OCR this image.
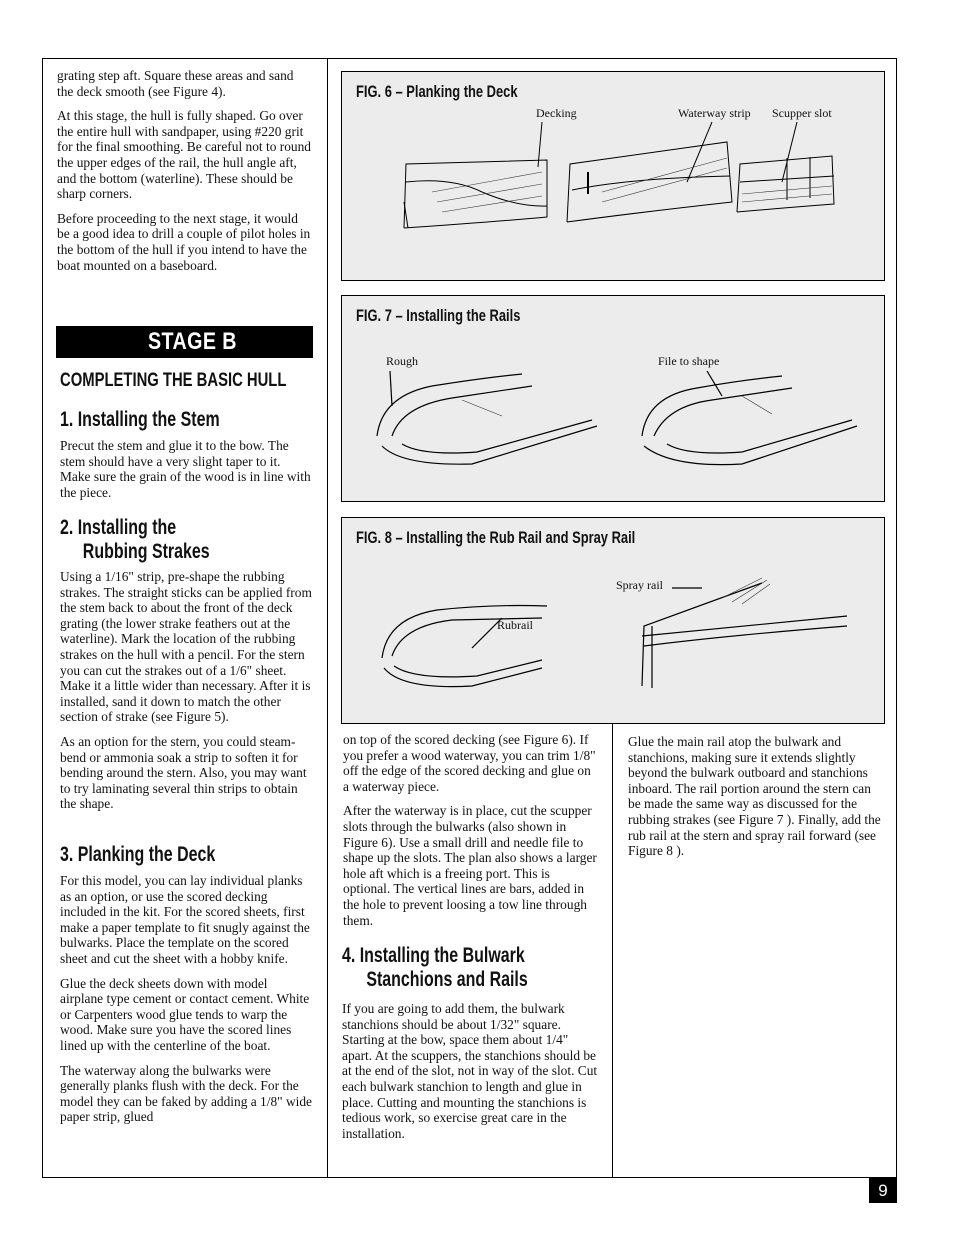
grating step aft. Square these areas and sand the deck smooth (see Figure 4).

At this stage, the hull is fully shaped. Go over the entire hull with sandpaper, using #220 grit for the final smoothing. Be careful not to round the upper edges of the rail, the hull angle aft, and the bottom (waterline). These should be sharp corners.

Before proceeding to the next stage, it would be a good idea to drill a couple of pilot holes in the bottom of the hull if you intend to have the boat mounted on a baseboard.

STAGE B
COMPLETING THE BASIC HULL
1. Installing the Stem

Precut the stem and glue it to the bow. The stem should have a very slight taper to it. Make sure the grain of the wood is in line with the piece.

2. Installing the
Rubbing Strakes

Using a 1/16" strip, pre-shape the rubbing strakes. The straight sticks can be applied from the stem back to about the front of the deck grating (the lower strake feathers out at the waterline). Mark the location of the rubbing strakes on the hull with a pencil. For the stern you can cut the strakes out of a 1/6" sheet. Make it a little wider than necessary. After it is installed, sand it down to match the other section of strake (see Figure 5).

As an option for the stern, you could steam-bend or ammonia soak a strip to soften it for bending around the stern. Also, you may want to try laminating several thin strips to obtain the shape.

3. Planking the Deck

For this model, you can lay individual planks as an option, or use the scored decking included in the kit. For the scored sheets, first make a paper template to fit snugly against the bulwarks. Place the template on the scored sheet and cut the sheet with a hobby knife.

Glue the deck sheets down with model airplane type cement or contact cement. White or Carpenters wood glue tends to warp the wood. Make sure you have the scored lines lined up with the centerline of the boat.

The waterway along the bulwarks were generally planks flush with the deck. For the model they can be faked by adding a 1/8" wide paper strip, glued

FIG. 6 – Planking the Deck
Decking	Waterway strip Scupper slot
FIG. 7 – Installing the Rails
Rough	File to shape
FIG. 8 – Installing the Rub Rail and Spray Rail
Spray rail
Rubrail

on top of the scored decking (see Figure 6). If you prefer a wood waterway, you can trim 1/8" off the edge of the scored decking and glue on a waterway piece.

After the waterway is in place, cut the scupper slots through the bulwarks (also shown in Figure 6). Use a small drill and needle file to shape up the slots. The plan also shows a larger hole aft which is a freeing port. This is optional. The vertical lines are bars, added in the hole to prevent loosing a tow line through them.

4. Installing the Bulwark
Stanchions and Rails

If you are going to add them, the bulwark stanchions should be about 1/32" square. Starting at the bow, space them about 1/4" apart. At the scuppers, the stanchions should be at the end of the slot, not in way of the slot. Cut each bulwark stanchion to length and glue in place. Cutting and mounting the stanchions is tedious work, so exercise great care in the installation.

Glue the main rail atop the bulwark and stanchions, making sure it extends slightly beyond the bulwark outboard and stanchions inboard. The rail portion around the stern can be made the same way as discussed for the rubbing strakes (see Figure 7 ). Finally, add the rub rail at the stern and spray rail forward (see Figure 8 ).

9
